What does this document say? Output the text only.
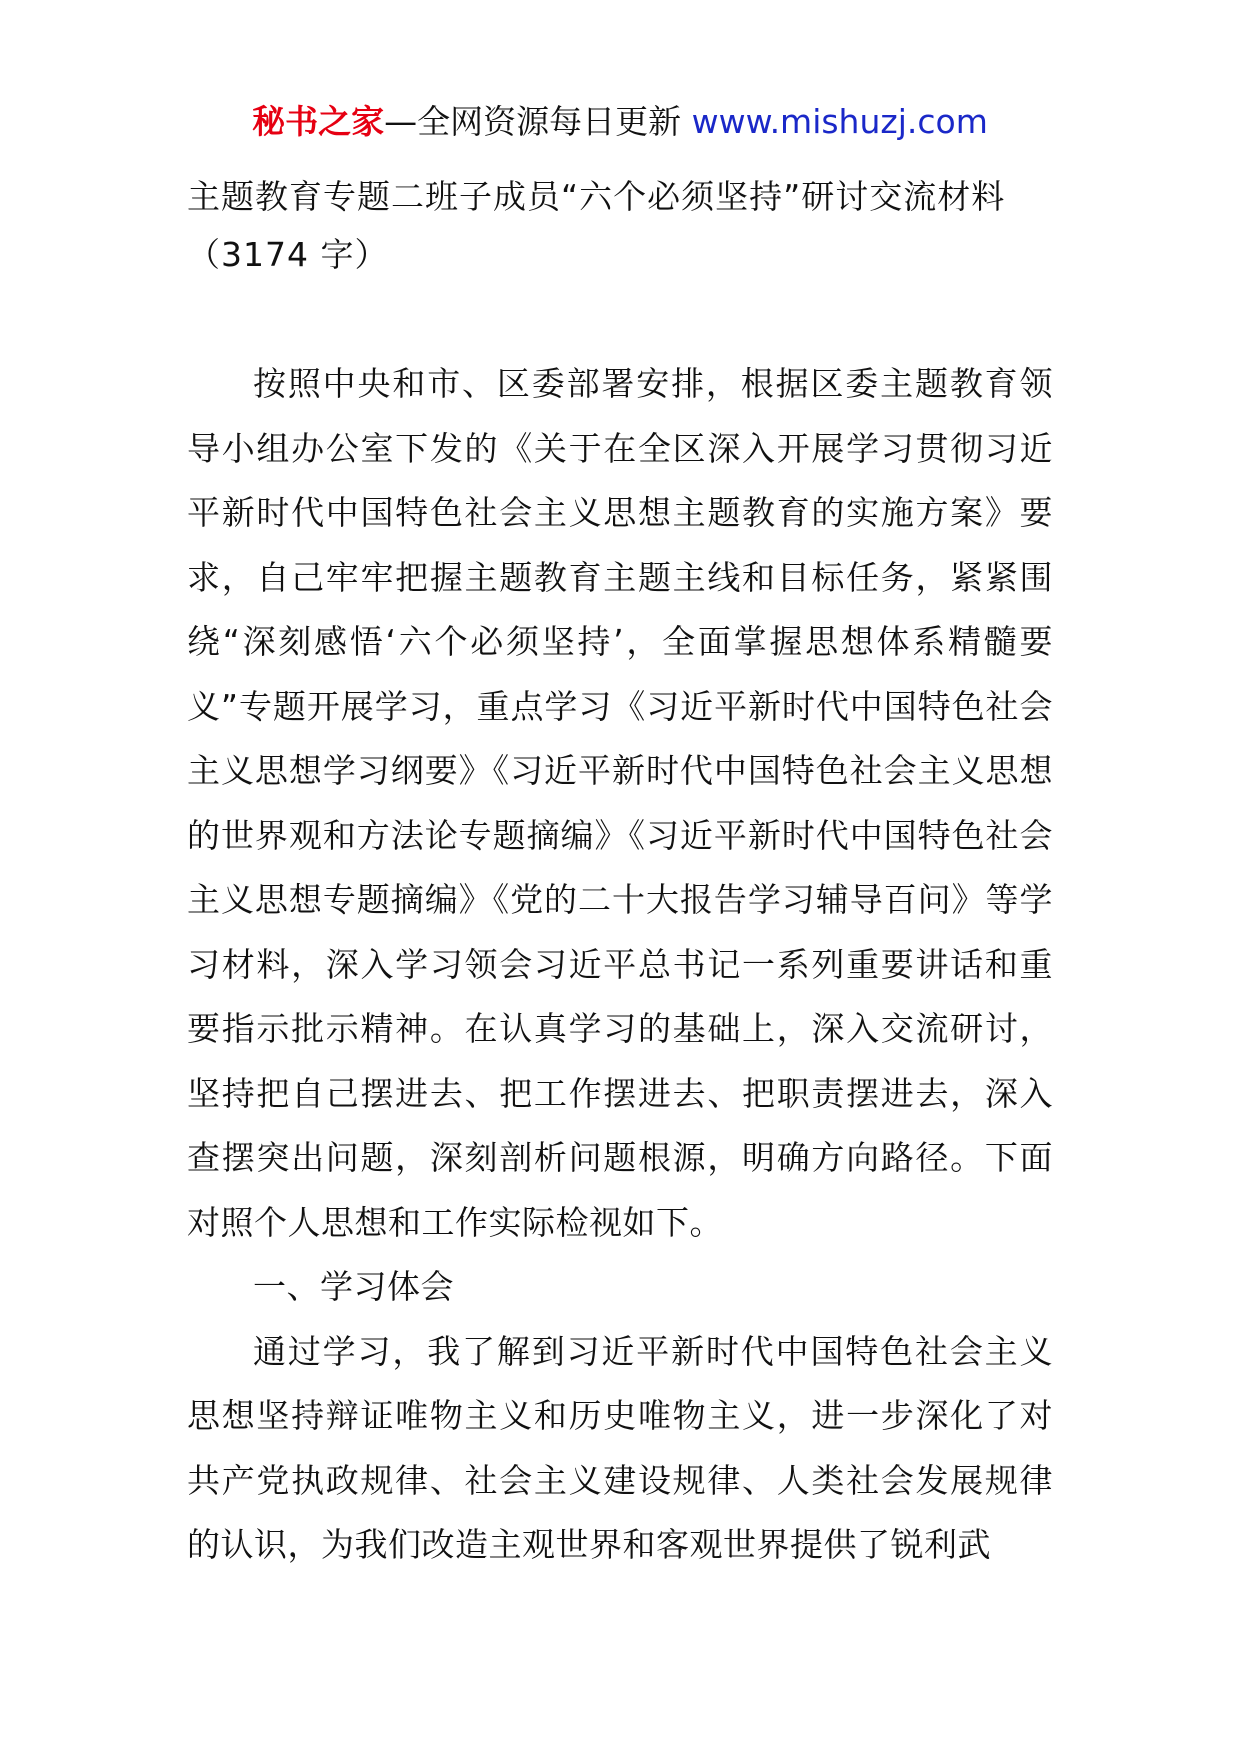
秘书之家—全网资源每日更新 www.mishuzj.com
主题教育专题二班子成员“六个必须坚持”研讨交流材料
（3174 字）

按照中央和市、区委部署安排，根据区委主题教育领导小组办公室下发的《关于在全区深入开展学习贯彻习近平新时代中国特色社会主义思想主题教育的实施方案》要求，自己牢牢把握主题教育主题主线和目标任务，紧紧围绕“深刻感悟‘六个必须坚持’，全面掌握思想体系精髓要义”专题开展学习，重点学习《习近平新时代中国特色社会主义思想学习纲要》《习近平新时代中国特色社会主义思想的世界观和方法论专题摘编》《习近平新时代中国特色社会主义思想专题摘编》《党的二十大报告学习辅导百问》等学习材料，深入学习领会习近平总书记一系列重要讲话和重要指示批示精神。在认真学习的基础上，深入交流研讨，坚持把自己摆进去、把工作摆进去、把职责摆进去，深入查摆突出问题，深刻剖析问题根源，明确方向路径。下面对照个人思想和工作实际检视如下。

一、学习体会

通过学习，我了解到习近平新时代中国特色社会主义思想坚持辩证唯物主义和历史唯物主义，进一步深化了对共产党执政规律、社会主义建设规律、人类社会发展规律的认识，为我们改造主观世界和客观世界提供了锐利武
